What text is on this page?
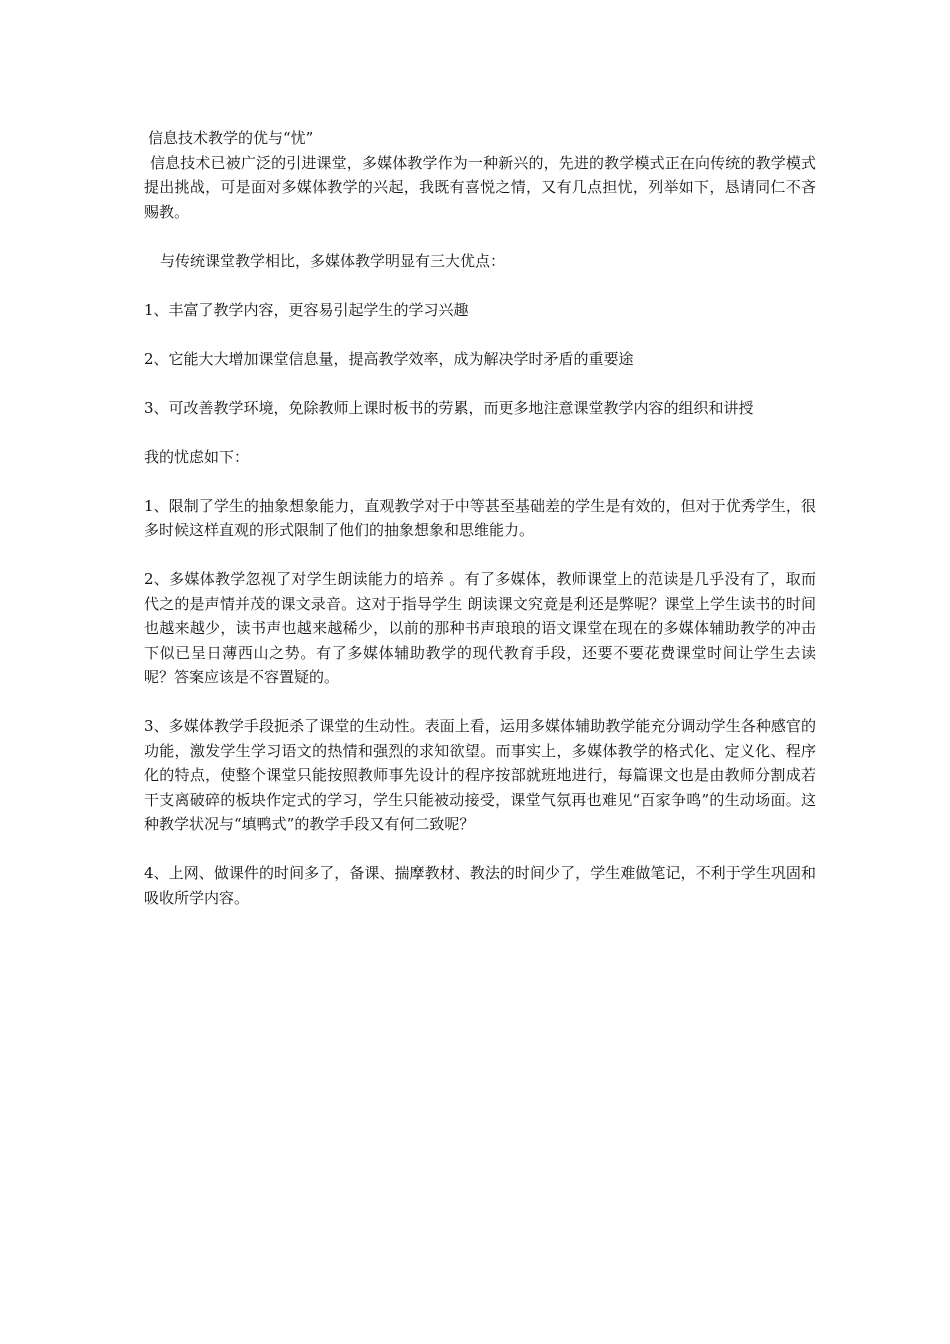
信息技术教学的优与“忧”

信息技术已被广泛的引进课堂，多媒体教学作为一种新兴的，先进的教学模式正在向传统的教学模式提出挑战，可是面对多媒体教学的兴起，我既有喜悦之情，又有几点担忧，列举如下，恳请同仁不吝赐教。

与传统课堂教学相比，多媒体教学明显有三大优点：

1、丰富了教学内容，更容易引起学生的学习兴趣

2、它能大大增加课堂信息量，提高教学效率，成为解决学时矛盾的重要途

3、可改善教学环境，免除教师上课时板书的劳累，而更多地注意课堂教学内容的组织和讲授

我的忧虑如下：

1、限制了学生的抽象想象能力，直观教学对于中等甚至基础差的学生是有效的，但对于优秀学生，很多时候这样直观的形式限制了他们的抽象想象和思维能力。

2、多媒体教学忽视了对学生朗读能力的培养 。有了多媒体，教师课堂上的范读是几乎没有了，取而代之的是声情并茂的课文录音。这对于指导学生 朗读课文究竟是利还是弊呢？课堂上学生读书的时间也越来越少，读书声也越来越稀少，以前的那种书声琅琅的语文课堂在现在的多媒体辅助教学的冲击下似已呈日薄西山之势。有了多媒体辅助教学的现代教育手段，还要不要花费课堂时间让学生去读呢？答案应该是不容置疑的。

3、多媒体教学手段扼杀了课堂的生动性。表面上看，运用多媒体辅助教学能充分调动学生各种感官的功能，激发学生学习语文的热情和强烈的求知欲望。而事实上，多媒体教学的格式化、定义化、程序化的特点，使整个课堂只能按照教师事先设计的程序按部就班地进行，每篇课文也是由教师分割成若干支离破碎的板块作定式的学习，学生只能被动接受，课堂气氛再也难见“百家争鸣”的生动场面。这种教学状况与“填鸭式”的教学手段又有何二致呢？

4、上网、做课件的时间多了，备课、揣摩教材、教法的时间少了，学生难做笔记，不利于学生巩固和吸收所学内容。
